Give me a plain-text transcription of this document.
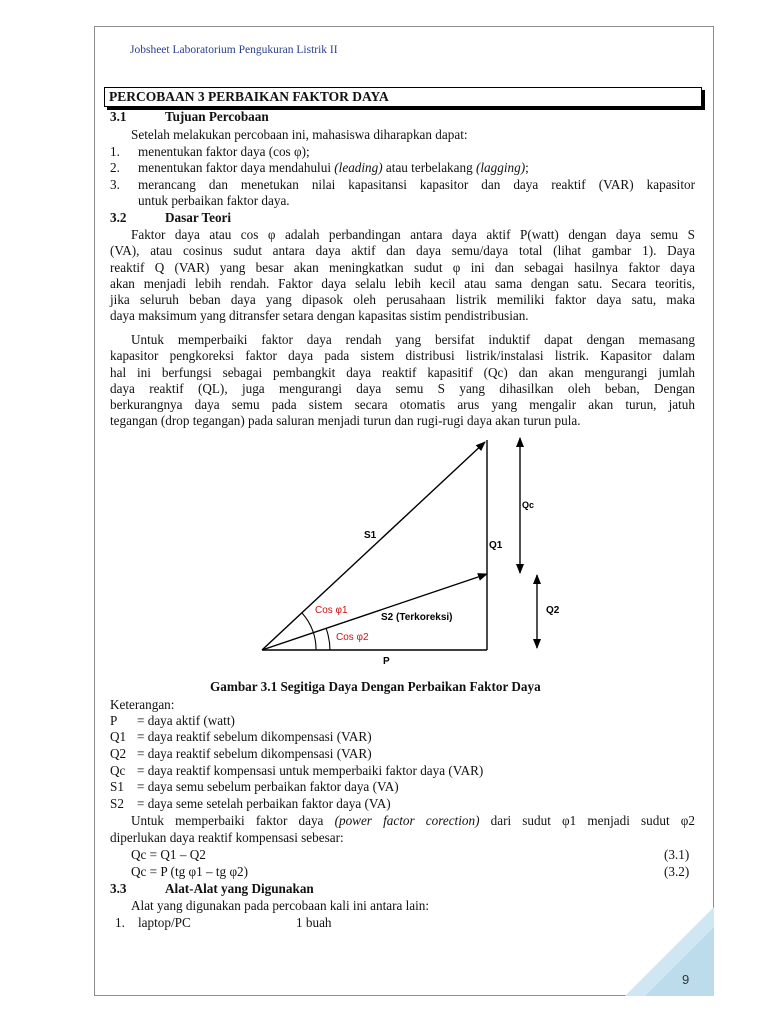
Jobsheet Laboratorium Pengukuran Listrik II
PERCOBAAN 3 PERBAIKAN FAKTOR DAYA
3.1	Tujuan Percobaan
Setelah melakukan percobaan ini, mahasiswa diharapkan dapat:
1. menentukan faktor daya (cos φ);
2. menentukan faktor daya mendahului (leading) atau terbelakang (lagging);
3. merancang dan menetukan nilai kapasitansi kapasitor dan daya reaktif (VAR) kapasitor
untuk perbaikan faktor daya.
3.2	Dasar Teori
Faktor daya atau cos φ adalah perbandingan antara daya aktif P(watt) dengan daya semu S
(VA), atau cosinus sudut antara daya aktif dan daya semu/daya total (lihat gambar 1). Daya
reaktif Q (VAR) yang besar akan meningkatkan sudut φ ini dan sebagai hasilnya faktor daya
akan menjadi lebih rendah. Faktor daya selalu lebih kecil atau sama dengan satu. Secara teoritis,
jika seluruh beban daya yang dipasok oleh perusahaan listrik memiliki faktor daya satu, maka
daya maksimum yang ditransfer setara dengan kapasitas sistim pendistribusian.
Untuk memperbaiki faktor daya rendah yang bersifat induktif dapat dengan memasang
kapasitor pengkoreksi faktor daya pada sistem distribusi listrik/instalasi listrik. Kapasitor dalam
hal ini berfungsi sebagai pembangkit daya reaktif kapasitif (Qc) dan akan mengurangi jumlah
daya reaktif (QL), juga mengurangi daya semu S yang dihasilkan oleh beban, Dengan
berkurangnya daya semu pada sistem secara otomatis arus yang mengalir akan turun, jatuh
tegangan (drop tegangan) pada saluran menjadi turun dan rugi-rugi daya akan turun pula.
S1
S2 (Terkoreksi)
P
Q1
Q2
Qc
Cos φ1
Cos φ2
Gambar 3.1 Segitiga Daya Dengan Perbaikan Faktor Daya
Keterangan:
P = daya aktif (watt)
Q1 = daya reaktif sebelum dikompensasi (VAR)
Q2 = daya reaktif sebelum dikompensasi (VAR)
Qc = daya reaktif kompensasi untuk memperbaiki faktor daya (VAR)
S1 = daya semu sebelum perbaikan faktor daya (VA)
S2 = daya seme setelah perbaikan faktor daya (VA)
Untuk memperbaiki faktor daya (power factor corection) dari sudut φ1 menjadi sudut φ2
diperlukan daya reaktif kompensasi sebesar:
Qc = Q1 – Q2	(3.1)
Qc = P (tg φ1 – tg φ2)	(3.2)
3.3	Alat-Alat yang Digunakan
Alat yang digunakan pada percobaan kali ini antara lain:
1. laptop/PC	1 buah
9
